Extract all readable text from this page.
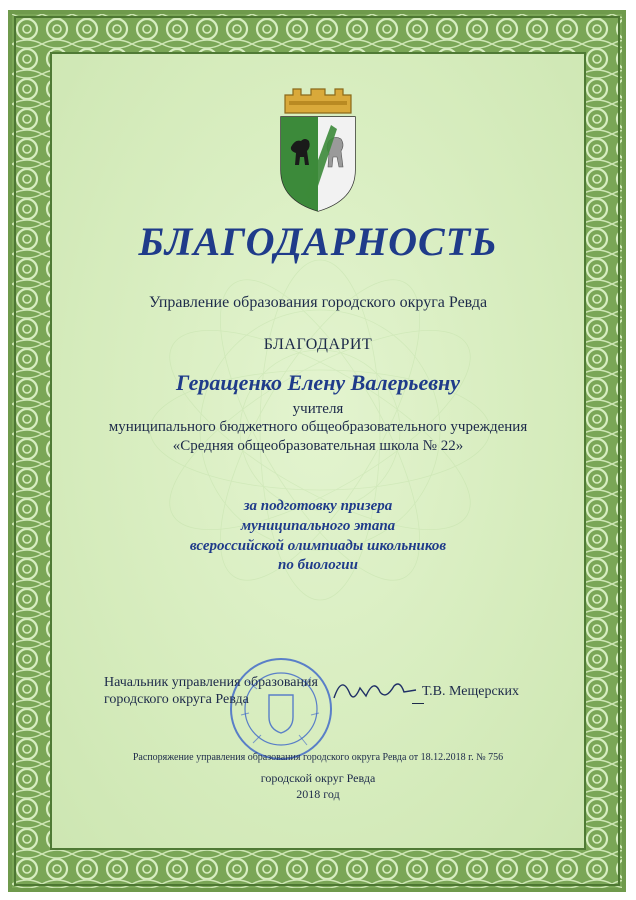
БЛАГОДАРНОСТЬ
Управление образования городского округа Ревда
БЛАГОДАРИТ
Геращенко Елену Валерьевну
учителя
муниципального бюджетного общеобразовательного учреждения
«Средняя общеобразовательная школа № 22»
за подготовку призера
муниципального этапа
всероссийской олимпиады школьников
по биологии
Начальник управления образования
городского округа Ревда
Т.В. Мещерских
Распоряжение управления образования городского округа Ревда от 18.12.2018 г. № 756
городской округ Ревда
2018 год
